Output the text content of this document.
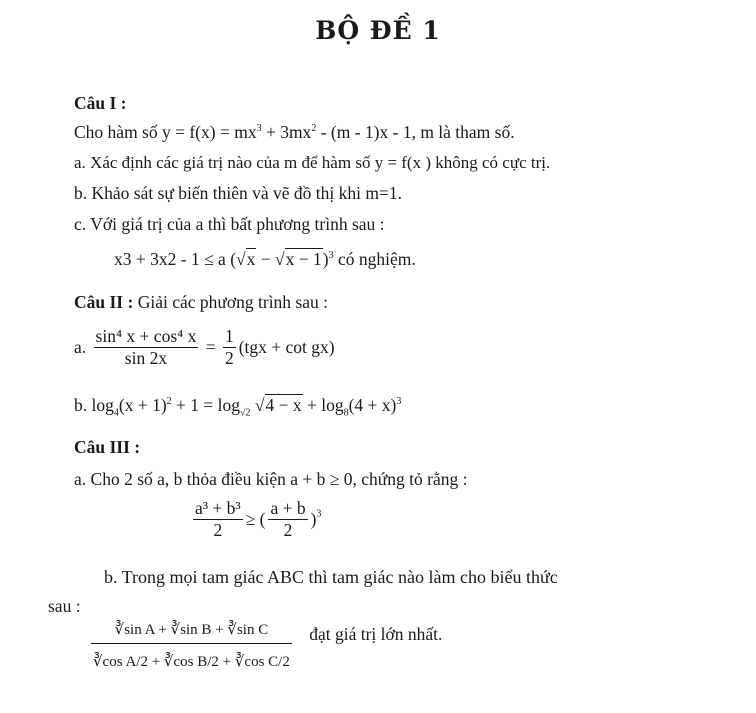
BỘ ĐỀ 1
Câu I :
Cho hàm số $y = f(x) = mx^3 + 3mx^2 - (m - 1)x - 1$, m là tham số.
a. Xác định các giá trị nào của m để hàm số y = f(x ) không có cực trị.
b. Khảo sát sự biến thiên và vẽ đồ thị khi m=1.
c. Với giá trị của a thì bất phương trình sau :
x3 + 3x2 - 1 ≤ a $(√x - √x - 1)^3$ có nghiệm.
Câu II : Giải các phương trình sau :
a. $\frac{\text{sin⁴ x + cos⁴ x}}{\sin 2x} = \frac{1}{2} (tgx + \cot gx)$
b. $\log_4(x + 1)^2 + 1 = \log_{√2} √4 - x + \log_8(4 + x)^3$
Câu III :
a. Cho 2 số a, b thỏa điều kiện a + b ≥ 0, chứng tỏ rằng :
$\frac{\text{a³ + b³}}{2}$ ≥ ( $\frac{a + b}{2} )^3$
b. Trong mọi tam giác ABC thì tam giác nào làm cho biểu thức
sau :
$\frac{\text{∛sin A + ∛sin B + ∛sin C}}{\text{∛cos A/2 + ∛cos B/2 + ∛cos C/2}}$ đạt giá trị lớn nhất.
